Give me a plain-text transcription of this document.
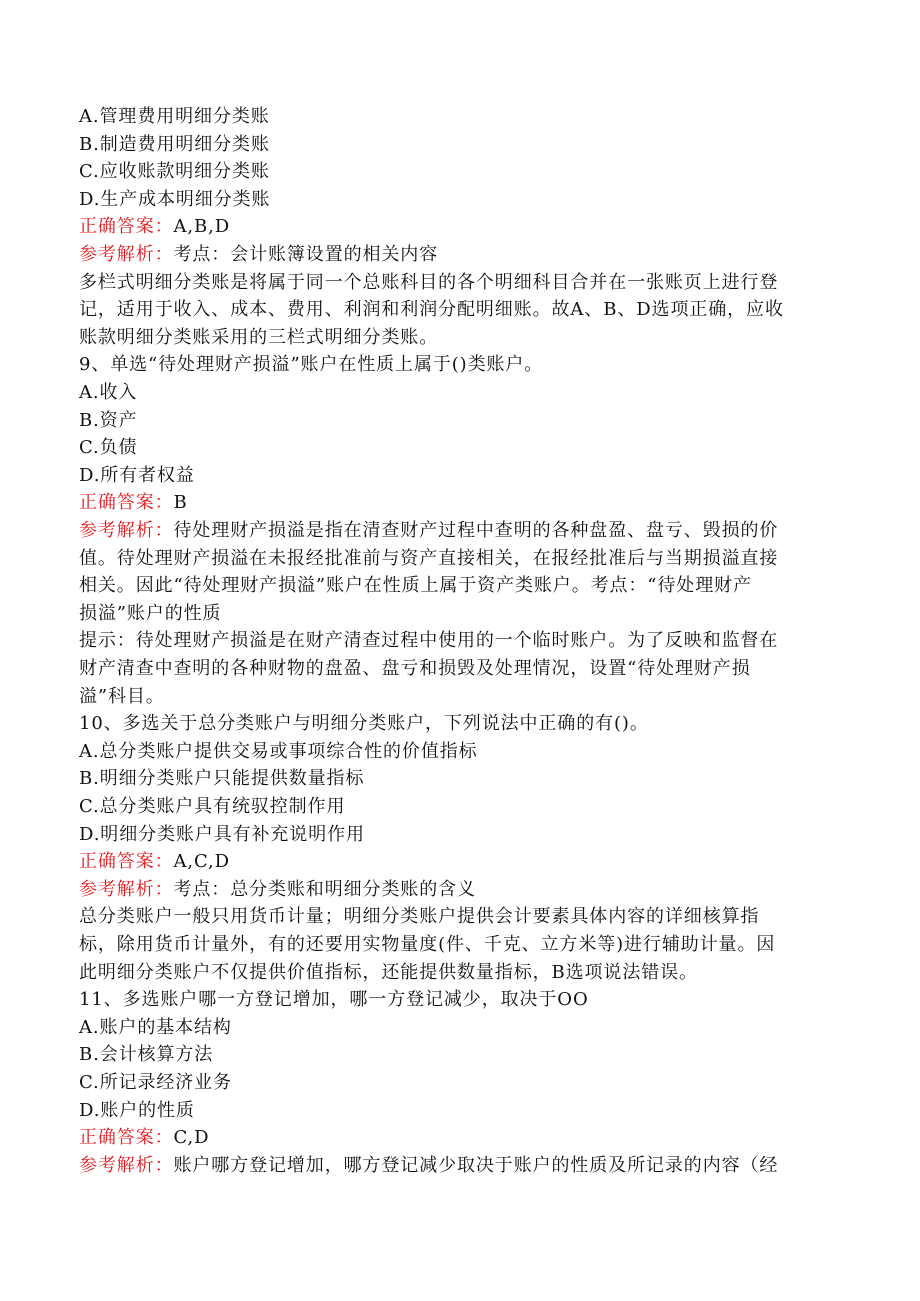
A.管理费用明细分类账
B.制造费用明细分类账
C.应收账款明细分类账
D.生产成本明细分类账
正确答案：A,B,D
参考解析：考点：会计账簿设置的相关内容
多栏式明细分类账是将属于同一个总账科目的各个明细科目合并在一张账页上进行登
记，适用于收入、成本、费用、利润和利润分配明细账。故A、B、D选项正确，应收
账款明细分类账采用的三栏式明细分类账。
9、单选“待处理财产损溢”账户在性质上属于()类账户。
A.收入
B.资产
C.负债
D.所有者权益
正确答案：B
参考解析：待处理财产损溢是指在清查财产过程中查明的各种盘盈、盘亏、毁损的价
值。待处理财产损溢在未报经批准前与资产直接相关，在报经批准后与当期损溢直接
相关。因此“待处理财产损溢”账户在性质上属于资产类账户。考点：“待处理财产
损溢”账户的性质
提示：待处理财产损溢是在财产清查过程中使用的一个临时账户。为了反映和监督在
财产清查中查明的各种财物的盘盈、盘亏和损毁及处理情况，设置“待处理财产损
溢”科目。
10、多选关于总分类账户与明细分类账户，下列说法中正确的有()。
A.总分类账户提供交易或事项综合性的价值指标
B.明细分类账户只能提供数量指标
C.总分类账户具有统驭控制作用
D.明细分类账户具有补充说明作用
正确答案：A,C,D
参考解析：考点：总分类账和明细分类账的含义
总分类账户一般只用货币计量；明细分类账户提供会计要素具体内容的详细核算指
标，除用货币计量外，有的还要用实物量度(件、千克、立方米等)进行辅助计量。因
此明细分类账户不仅提供价值指标，还能提供数量指标，B选项说法错误。
11、多选账户哪一方登记增加，哪一方登记减少，取决于OO
A.账户的基本结构
B.会计核算方法
C.所记录经济业务
D.账户的性质
正确答案：C,D
参考解析：账户哪方登记增加，哪方登记减少取决于账户的性质及所记录的内容（经
